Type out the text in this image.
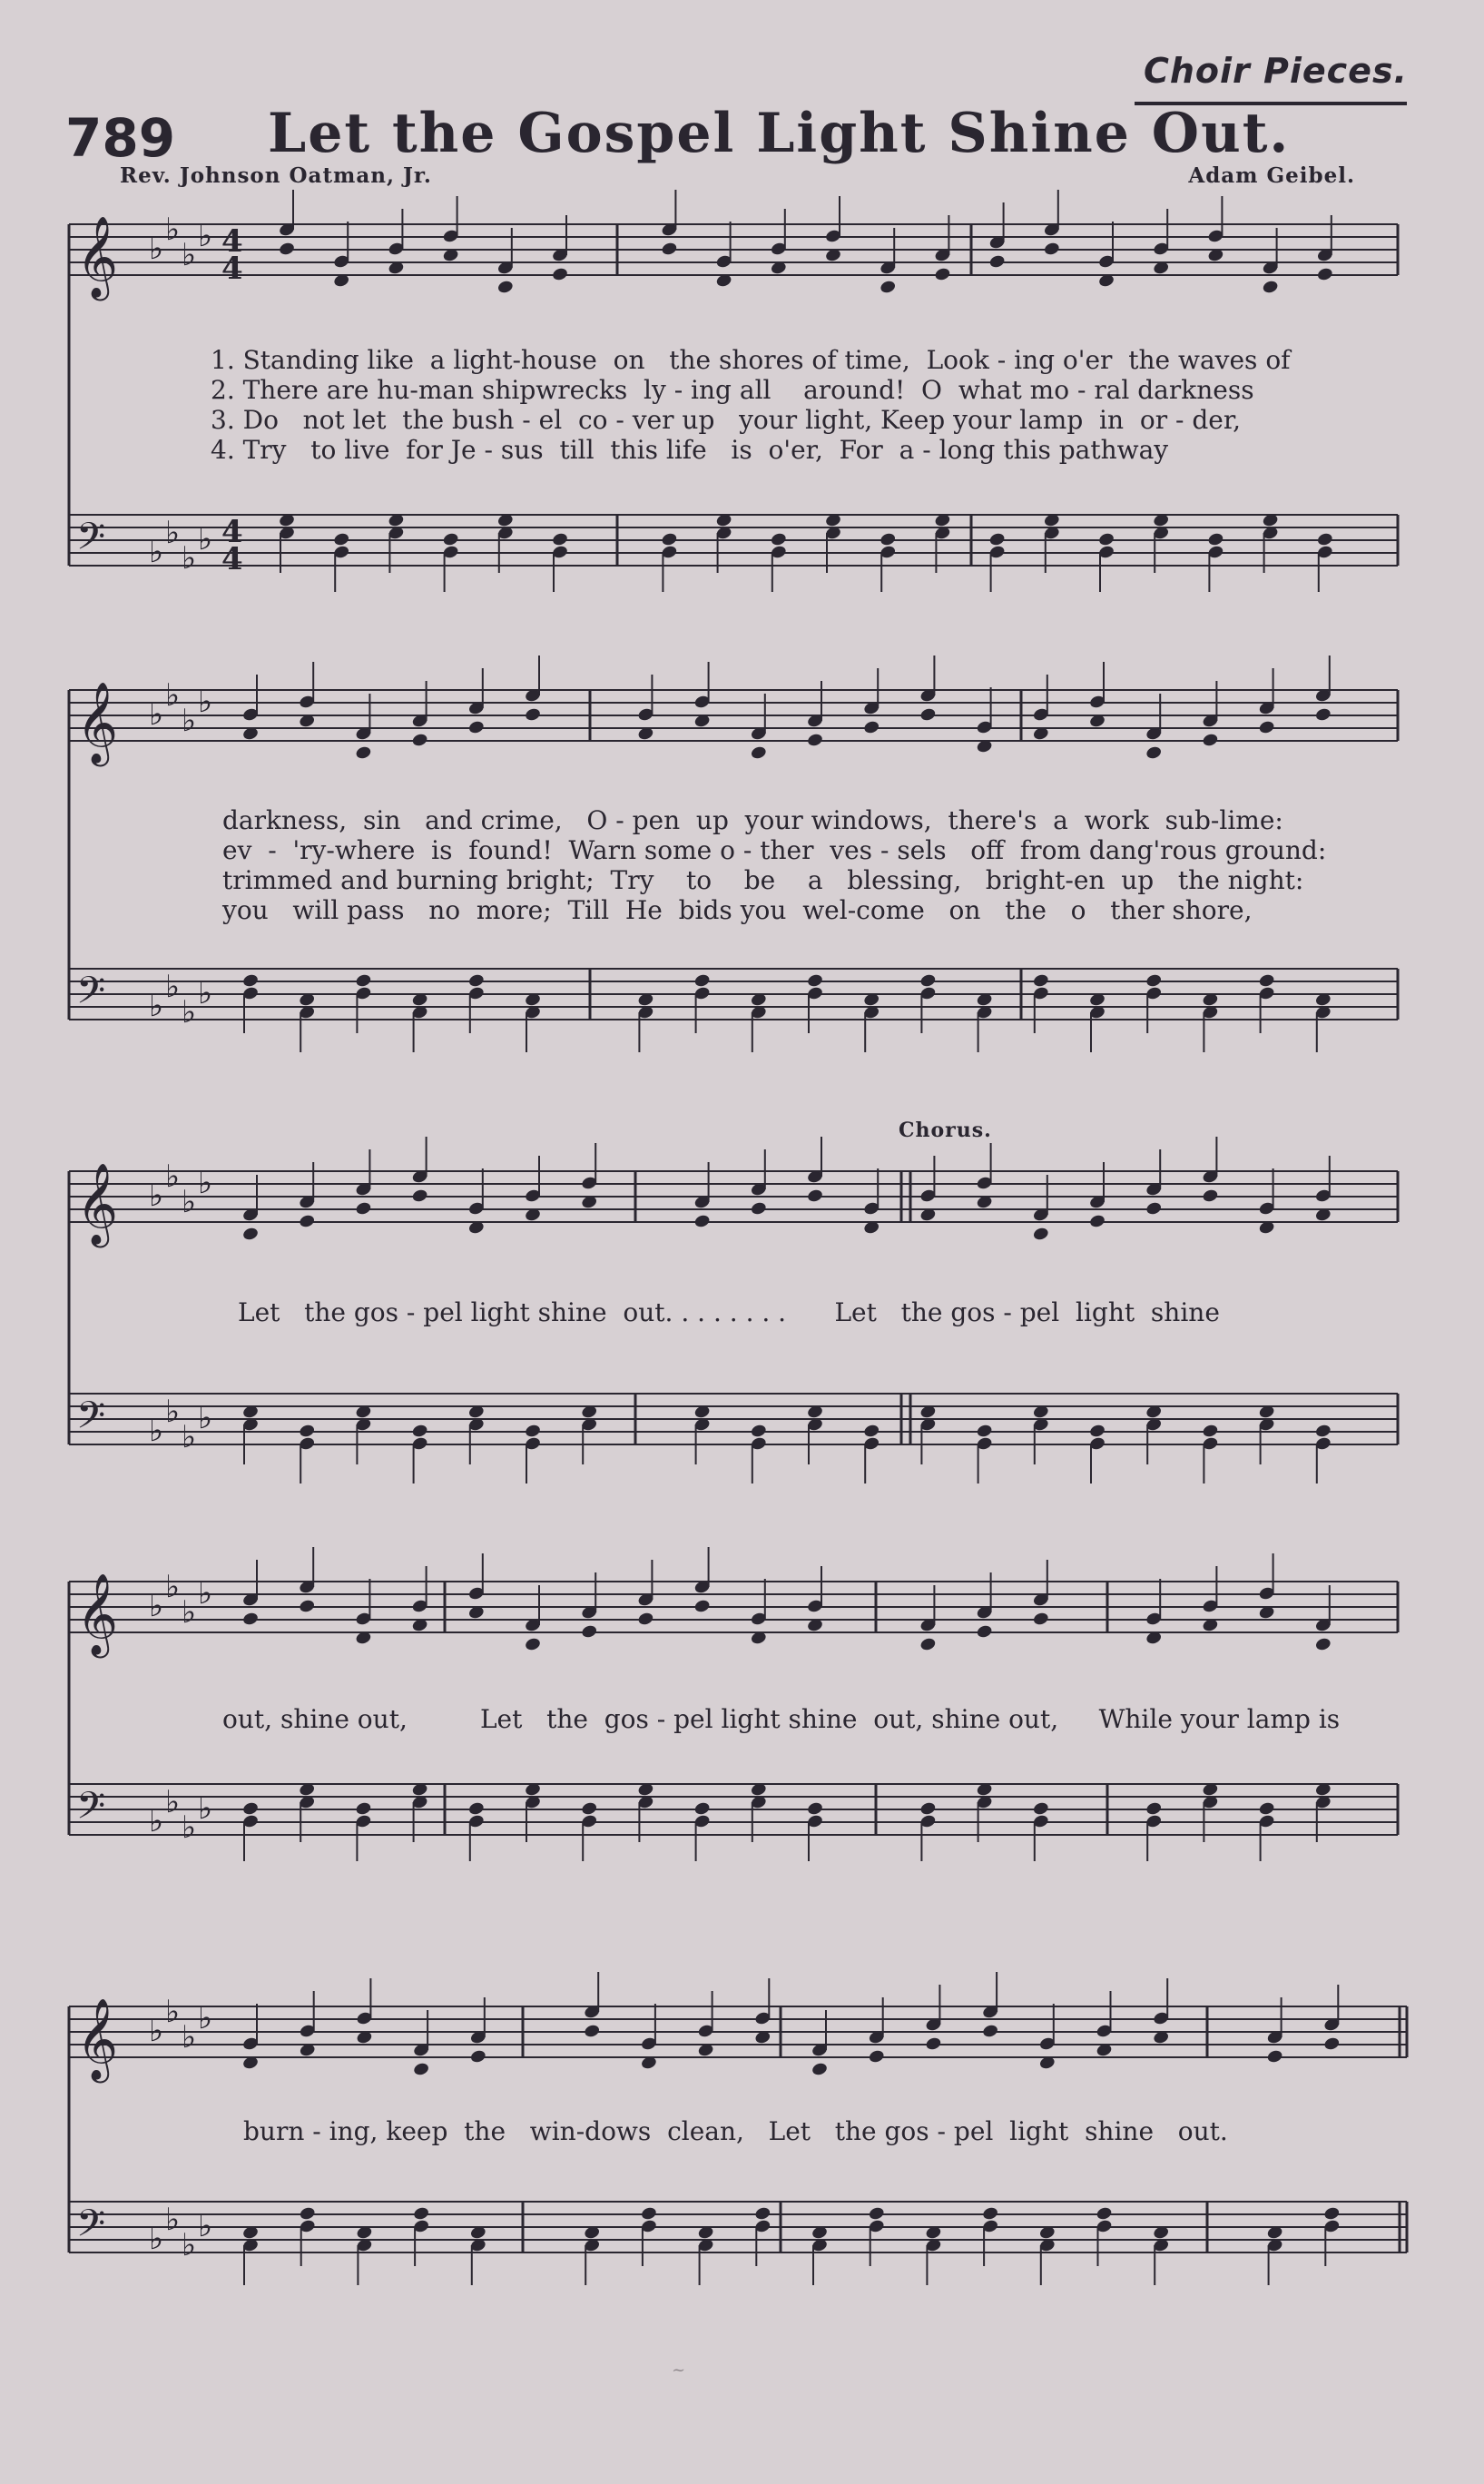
Choir Pieces.
789 Let the Gospel Light Shine Out.
Rev. Johnson Oatman, Jr.	Adam Geibel.
𝄞 ♭
♭
♭
♭ 4
4
𝄢 ♭
♭
♭
♭ 4
4
𝄞 ♭
♭
♭
♭
𝄢 ♭
♭
♭
♭
𝄞 ♭
♭
♭
♭
𝄢 ♭
♭
♭
♭
𝄞 ♭
♭
♭
♭
𝄢 ♭
♭
♭
♭
𝄞 ♭
♭
♭
♭
𝄢 ♭
♭
♭
♭
1. Standing like  a light-house  on   the shores of time,  Look - ing o'er  the waves of
2. There are hu-man shipwrecks  ly - ing all    around!  O  what mo - ral darkness
3. Do   not let  the bush - el  co - ver up   your light, Keep your lamp  in  or - der,
4. Try   to live  for Je - sus  till  this life   is  o'er,  For  a - long this pathway
darkness,  sin   and crime,   O - pen  up  your windows,  there's  a  work  sub-lime:
ev  -  'ry-where  is  found!  Warn some o - ther  ves - sels   off  from dang'rous ground:
trimmed and burning bright;  Try    to    be    a   blessing,   bright-en  up   the night:
you   will pass   no  more;  Till  He  bids you  wel-come   on   the   o   ther shore,
Chorus.
Let   the gos - pel light shine  out. . . . . . . .      Let   the gos - pel  light  shine
out, shine out,         Let   the  gos - pel light shine  out, shine out,     While your lamp is
burn - ing, keep  the   win-dows  clean,   Let   the gos - pel  light  shine   out.
~
